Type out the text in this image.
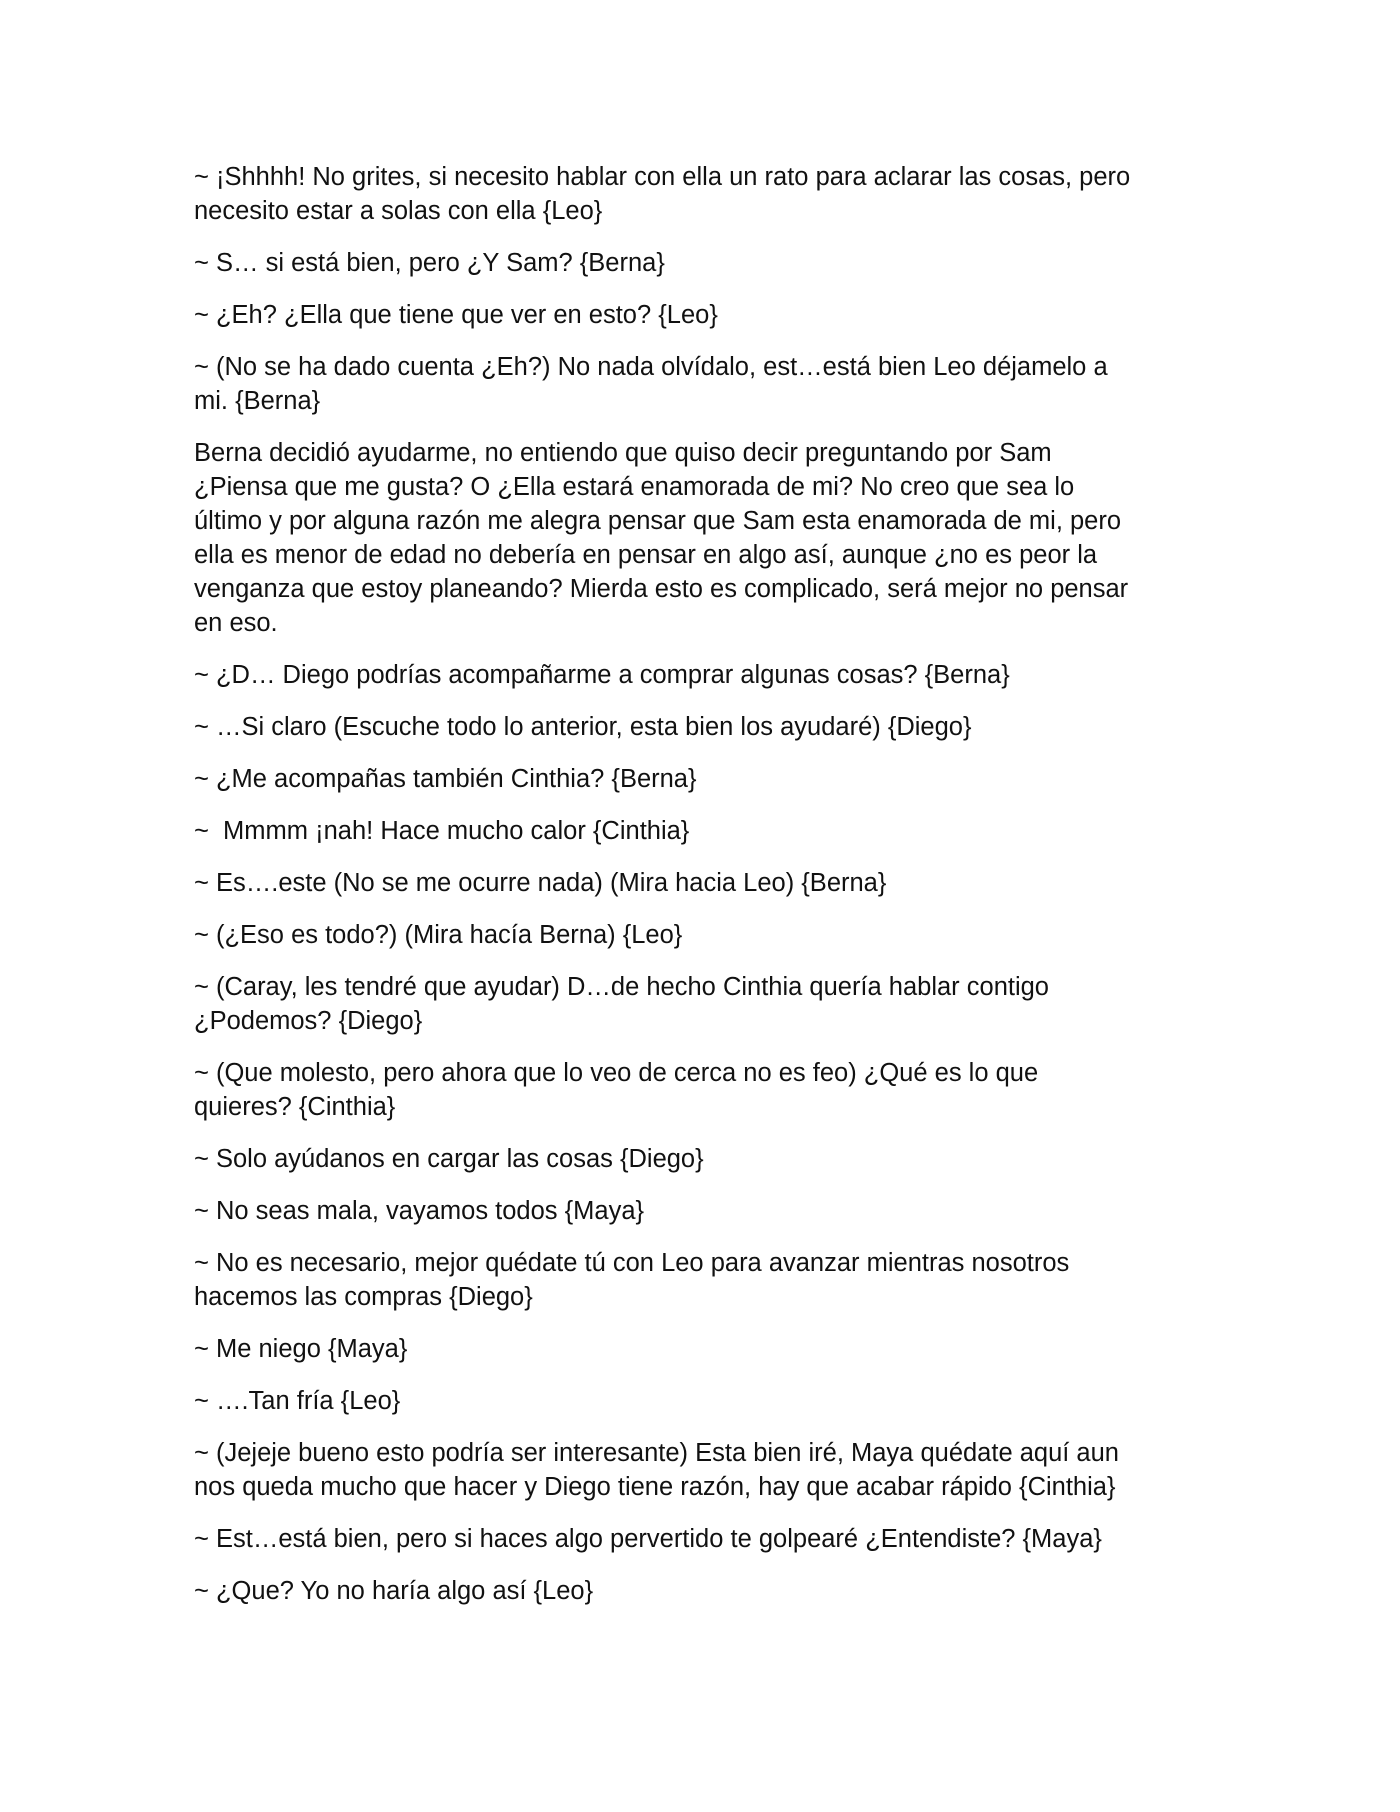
~ ¡Shhhh! No grites, si necesito hablar con ella un rato para aclarar las cosas, pero
necesito estar a solas con ella {Leo}

~ S… si está bien, pero ¿Y Sam? {Berna}

~ ¿Eh? ¿Ella que tiene que ver en esto? {Leo}

~ (No se ha dado cuenta ¿Eh?) No nada olvídalo, est…está bien Leo déjamelo a
mi. {Berna}

Berna decidió ayudarme, no entiendo que quiso decir preguntando por Sam
¿Piensa que me gusta? O ¿Ella estará enamorada de mi? No creo que sea lo
último y por alguna razón me alegra pensar que Sam esta enamorada de mi, pero
ella es menor de edad no debería en pensar en algo así, aunque ¿no es peor la
venganza que estoy planeando? Mierda esto es complicado, será mejor no pensar
en eso.

~ ¿D… Diego podrías acompañarme a comprar algunas cosas? {Berna}

~ …Si claro (Escuche todo lo anterior, esta bien los ayudaré) {Diego}

~ ¿Me acompañas también Cinthia? {Berna}

~  Mmmm ¡nah! Hace mucho calor {Cinthia}

~ Es….este (No se me ocurre nada) (Mira hacia Leo) {Berna}

~ (¿Eso es todo?) (Mira hacía Berna) {Leo}

~ (Caray, les tendré que ayudar) D…de hecho Cinthia quería hablar contigo
¿Podemos? {Diego}

~ (Que molesto, pero ahora que lo veo de cerca no es feo) ¿Qué es lo que
quieres? {Cinthia}

~ Solo ayúdanos en cargar las cosas {Diego}

~ No seas mala, vayamos todos {Maya}

~ No es necesario, mejor quédate tú con Leo para avanzar mientras nosotros
hacemos las compras {Diego}

~ Me niego {Maya}

~ ….Tan fría {Leo}

~ (Jejeje bueno esto podría ser interesante) Esta bien iré, Maya quédate aquí aun
nos queda mucho que hacer y Diego tiene razón, hay que acabar rápido {Cinthia}

~ Est…está bien, pero si haces algo pervertido te golpearé ¿Entendiste? {Maya}

~ ¿Que? Yo no haría algo así {Leo}
